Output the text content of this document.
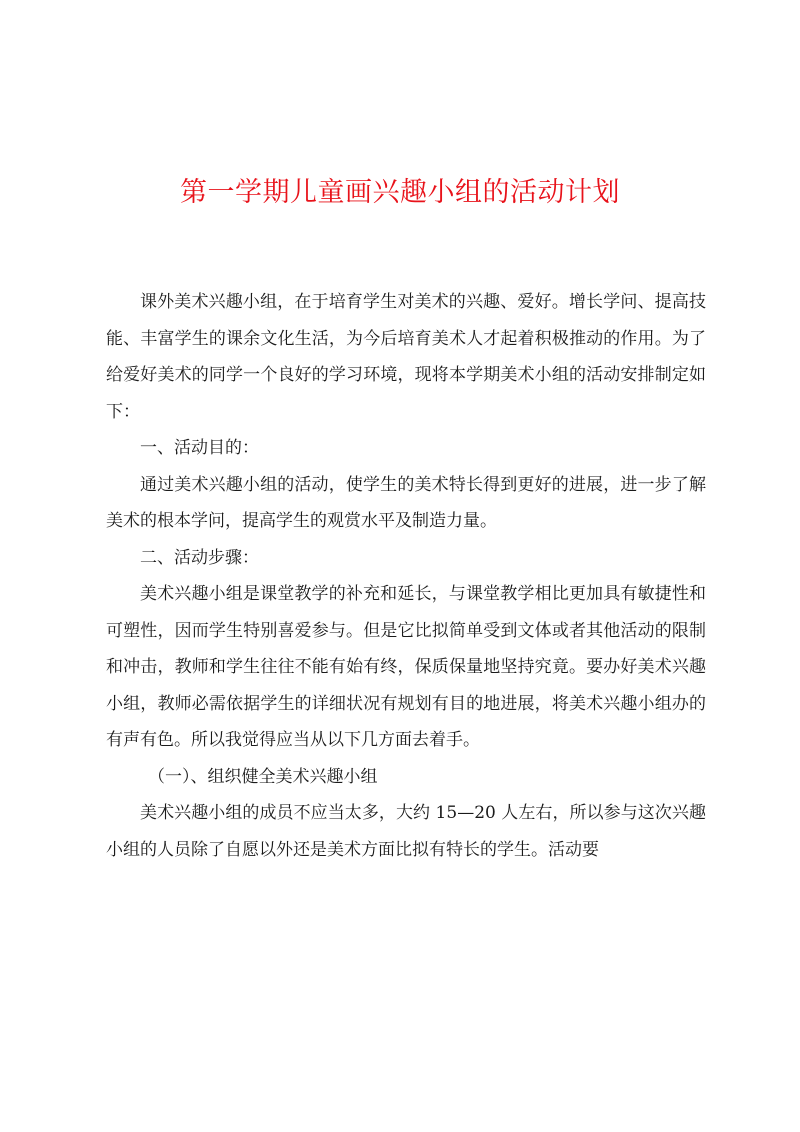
第一学期儿童画兴趣小组的活动计划

课外美术兴趣小组，在于培育学生对美术的兴趣、爱好。增长学问、提高技能、丰富学生的课余文化生活，为今后培育美术人才起着积极推动的作用。为了给爱好美术的同学一个良好的学习环境，现将本学期美术小组的活动安排制定如下：

一、活动目的：

通过美术兴趣小组的活动，使学生的美术特长得到更好的进展，进一步了解美术的根本学问，提高学生的观赏水平及制造力量。

二、活动步骤：

美术兴趣小组是课堂教学的补充和延长，与课堂教学相比更加具有敏捷性和可塑性，因而学生特别喜爱参与。但是它比拟简单受到文体或者其他活动的限制和冲击，教师和学生往往不能有始有终，保质保量地坚持究竟。要办好美术兴趣小组，教师必需依据学生的详细状况有规划有目的地进展，将美术兴趣小组办的有声有色。所以我觉得应当从以下几方面去着手。

（一）、组织健全美术兴趣小组

美术兴趣小组的成员不应当太多，大约 15—20 人左右，所以参与这次兴趣小组的人员除了自愿以外还是美术方面比拟有特长的学生。活动要
